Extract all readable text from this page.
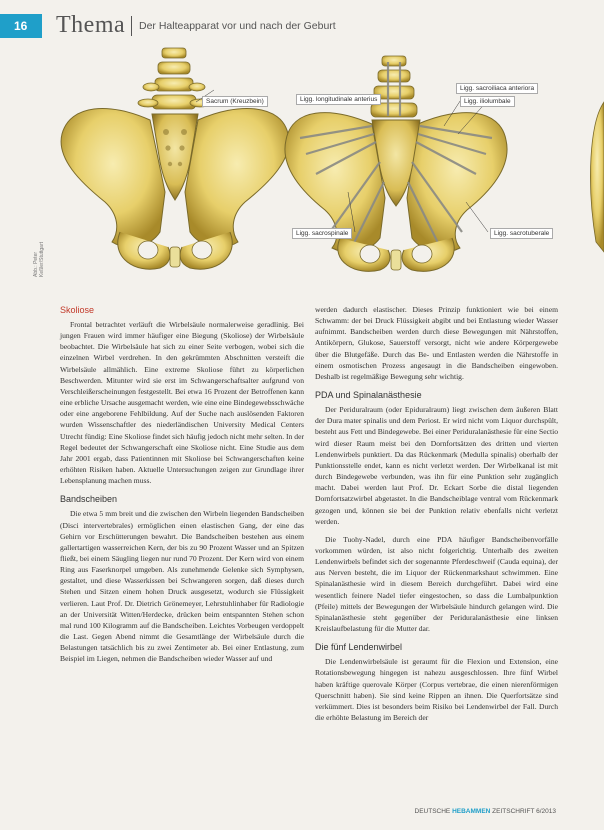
16	Thema Der Halteapparat vor und nach der Geburt
Sacrum (Kreuzbein)	Ligg. longitudinale anterius
Ligg. sacroiliaca anteriora
Ligg. iliolumbale
Ligg. sacrospinale	Ligg. sacrotuberale
Abb.: Peter Keßler/Stuttgart
Skoliose

Frontal betrachtet verläuft die Wirbelsäule normalerweise geradlinig. Bei jungen Frauen wird immer häufiger eine Biegung (Skoliose) der Wirbelsäule beobachtet. Die Wirbelsäule hat sich zu einer Seite verbogen, wobei sich die einzelnen Wirbel verdrehen. In den gekrümmten Abschnitten versteift die Wirbelsäule allmählich. Eine extreme Skoliose führt zu körperlichen Beschwerden. Mitunter wird sie erst im Schwangerschaftsalter aufgrund von Verschleißerscheinungen festgestellt. Bei etwa 16 Prozent der Betroffenen kann eine erbliche Ursache ausgemacht werden, wie eine eine Bindegewebsschwäche oder eine angeborene Fehlbildung. Auf der Suche nach auslösenden Faktoren wurden Wissenschaftler des niederländischen University Medical Centers Utrecht fündig: Eine Skoliose findet sich häufig jedoch nicht mehr selten. In der Regel bedeutet der Schwangerschaft eine Skoliose nicht. Eine Studie aus dem Jahr 2001 ergab, dass Patientinnen mit Skoliose bei Schwangerschaften keine erhöhten Risiken haben. Aktuelle Untersuchungen zeigen zur Grundlage ihrer Lebensplanung machen muss.

Bandscheiben

Die etwa 5 mm breit und die zwischen den Wirbeln liegenden Bandscheiben (Disci intervertebrales) ermöglichen einen elastischen Gang, der eine das Gehirn vor Erschütterungen bewahrt. Die Bandscheiben bestehen aus einem gallertartigen wasserreichen Kern, der bis zu 90 Prozent Wasser und an Spitzen fließt, bei einem Säugling liegen nur rund 70 Prozent. Der Kern wird von einem Ring aus Faserknorpel umgeben. Als zunehmende Gelenke sich Symphysen, gestaltet, und diese Wasserkissen bei Schwangeren sorgen, daß dieses durch Stehen und Sitzen einem hohen Druck ausgesetzt, wodurch sie Flüssigkeit verlieren. Laut Prof. Dr. Dietrich Grönemeyer, Lehrstuhlinhaber für Radiologie an der Universität Witten/Herdecke, drücken beim entspannten Stehen schon mal rund 100 Kilogramm auf die Bandscheiben. Leichtes Vorbeugen verdoppelt die Last. Gegen Abend nimmt die Gesamtlänge der Wirbelsäule durch die Belastungen tatsächlich bis zu zwei Zentimeter ab. Bei einer Entlastung, zum Beispiel im Liegen, nehmen die Bandscheiben wieder Wasser auf und

werden dadurch elastischer. Dieses Prinzip funktioniert wie bei einem Schwamm: der bei Druck Flüssigkeit abgibt und bei Entlastung wieder Wasser aufnimmt. Bandscheiben werden durch diese Bewegungen mit Nährstoffen, Antikörpern, Glukose, Sauerstoff versorgt, nicht wie andere Körpergewebe über die Blutgefäße. Durch das Be- und Entlasten werden die Nährstoffe in einem osmotischen Prozess angesaugt in die Bandscheiben eingewoben. Deshalb ist regelmäßige Bewegung sehr wichtig.

PDA und Spinalanästhesie

Der Periduralraum (oder Epiduralraum) liegt zwischen dem äußeren Blatt der Dura mater spinalis und dem Periost. Er wird nicht vom Liquor durchspült, besteht aus Fett und Bindegewebe. Bei einer Periduralanästhesie für eine Sectio wird dieser Raum meist bei den Dornfortsätzen des dritten und vierten Lendenwirbels punktiert. Da das Rückenmark (Medulla spinalis) oberhalb der Punktionsstelle endet, kann es nicht verletzt werden. Der Wirbelkanal ist mit durch Bindegewebe verbunden, was ihn für eine Punktion sehr zugänglich macht. Dabei werden laut Prof. Dr. Eckart Sorbe die distal liegenden Dornfortsatzwirbel abgetastet. In die Bandscheiblage ventral vom Rückenmark gezogen und, können sie bei der Punktion relativ ebenfalls nicht verletzt werden.

Die Tuohy-Nadel, durch eine PDA häufiger Bandscheibenvorfälle vorkommen würden, ist also nicht folgerichtig. Unterhalb des zweiten Lendenwirbels befindet sich der sogenannte Pferdeschweif (Cauda equina), der aus Nerven besteht, die im Liquor der Rückenmarkshaut schwimmen. Eine Spinalanästhesie wird in diesem Bereich durchgeführt. Dabei wird eine wesentlich feinere Nadel tiefer eingestochen, so dass die Lumbalpunktion (Pfeile) mittels der Bewegungen der Wirbelsäule hindurch gelangen wird. Die Spinalanästhesie steht gegenüber der Periduralanästhesie eine linksen Kreislaufbelastung für die Mutter dar.

Die fünf Lendenwirbel

Die Lendenwirbelsäule ist geraumt für die Flexion und Extension, eine Rotationsbewegung hingegen ist nahezu ausgeschlossen. Ihre fünf Wirbel haben kräftige querovale Körper (Corpus vertebrae, die einen nierenförmigen Querschnitt haben). Sie sind keine Rippen an ihnen. Die Querfortsätze sind verkümmert. Dies ist besonders beim Risiko bei Lendenwirbel der Fall. Durch die erhöhte Belastung im Bereich der

DEUTSCHE HEBAMMEN ZEITSCHRIFT 6/2013
